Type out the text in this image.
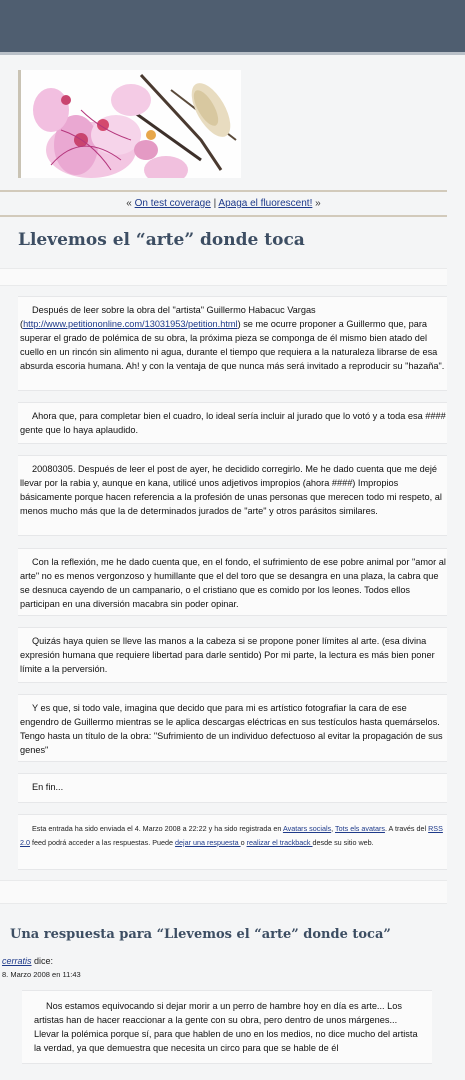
« On test coverage | Apaga el fluorescent! »
Llevemos el “arte” donde toca

Después de leer sobre la obra del "artista" Guillermo Habacuc Vargas (http://www.petitiononline.com/13031953/petition.html) se me ocurre proponer a Guillermo que, para superar el grado de polémica de su obra, la próxima pieza se componga de él mismo bien atado del cuello en un rincón sin alimento ni agua, durante el tiempo que requiera a la naturaleza librarse de esa absurda escoria humana. Ah! y con la ventaja de que nunca más será invitado a reproducir su "hazaña".

Ahora que, para completar bien el cuadro, lo ideal sería incluir al jurado que lo votó y a toda esa #### gente que lo haya aplaudido.

20080305. Después de leer el post de ayer, he decidido corregirlo. Me he dado cuenta que me dejé llevar por la rabia y, aunque en kana, utilicé unos adjetivos impropios (ahora ####) Impropios básicamente porque hacen referencia a la profesión de unas personas que merecen todo mi respeto, al menos mucho más que la de determinados jurados de "arte" y otros parásitos similares.

Con la reflexión, me he dado cuenta que, en el fondo, el sufrimiento de ese pobre animal por "amor al arte" no es menos vergonzoso y humillante que el del toro que se desangra en una plaza, la cabra que se desnuca cayendo de un campanario, o el cristiano que es comido por los leones. Todos ellos participan en una diversión macabra sin poder opinar.

Quizás haya quien se lleve las manos a la cabeza si se propone poner límites al arte. (esa divina expresión humana que requiere libertad para darle sentido) Por mi parte, la lectura es más bien poner límite a la perversión.

Y es que, si todo vale, imagina que decido que para mi es artístico fotografiar la cara de ese engendro de Guillermo mientras se le aplica descargas eléctricas en sus testículos hasta quemárselos. Tengo hasta un título de la obra: "Sufrimiento de un individuo defectuoso al evitar la propagación de sus genes"

En fin...

Esta entrada ha sido enviada el 4. Marzo 2008 a 22:22 y ha sido registrada en Avatars socials, Tots els avatars. A través del RSS 2.0 feed podrá acceder a las respuestas. Puede dejar una respuesta o realizar el trackback desde su sitio web.

Una respuesta para “Llevemos el “arte” donde toca”
cerratis dice:
8. Marzo 2008 en 11:43

Nos estamos equivocando si dejar morir a un perro de hambre hoy en día es arte... Los artistas han de hacer reaccionar a la gente con su obra, pero dentro de unos márgenes... Llevar la polémica porque sí, para que hablen de uno en los medios, no dice mucho del artista la verdad, ya que demuestra que necesita un circo para que se hable de él
